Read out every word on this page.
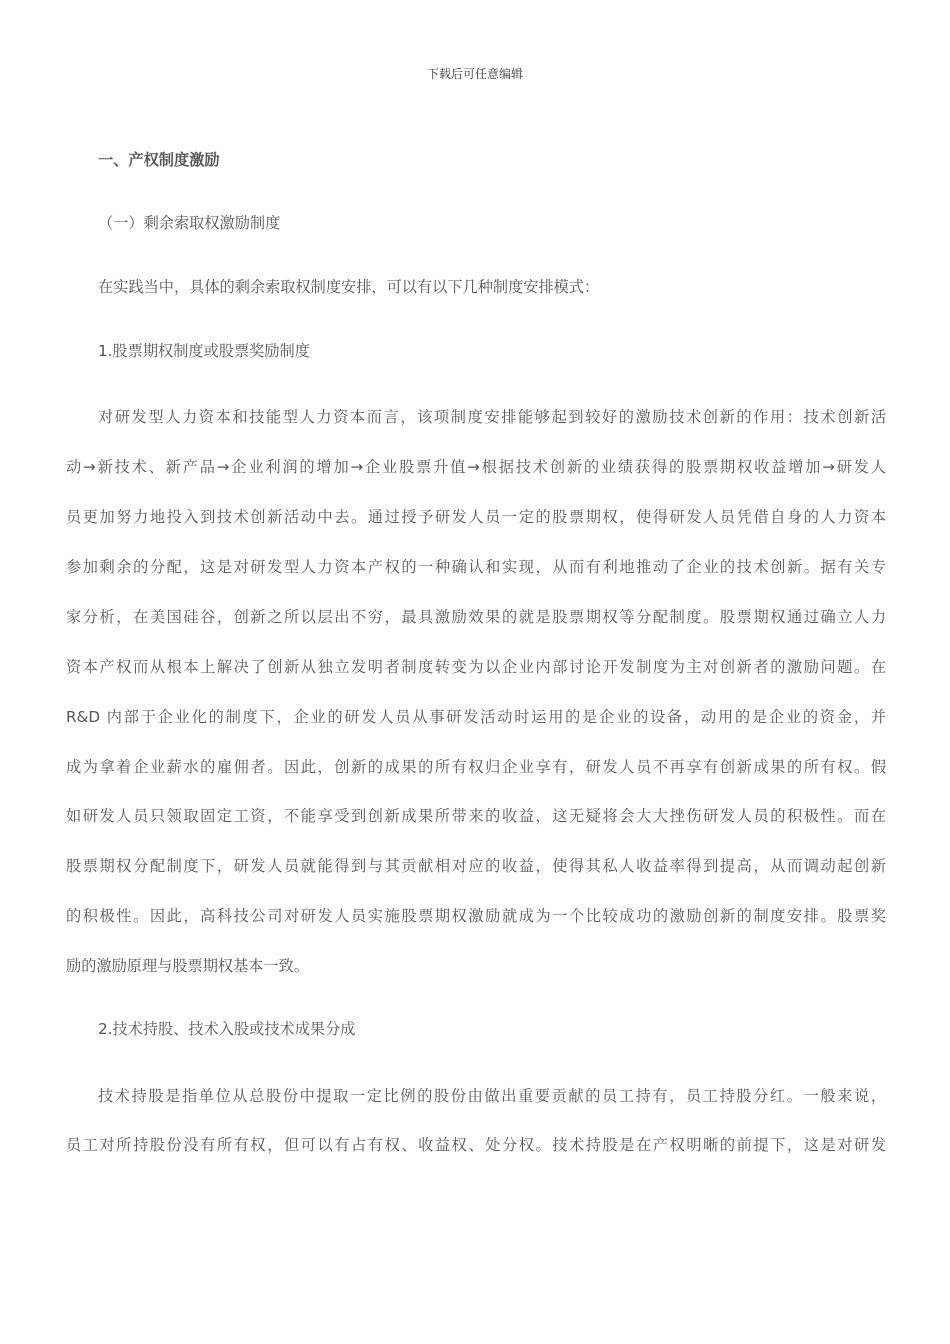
下载后可任意编辑
一、产权制度激励
（一）剩余索取权激励制度
在实践当中，具体的剩余索取权制度安排，可以有以下几种制度安排模式：
1.股票期权制度或股票奖励制度
对研发型人力资本和技能型人力资本而言，该项制度安排能够起到较好的激励技术创新的作用：技术创新活
动→新技术、新产品→企业利润的增加→企业股票升值→根据技术创新的业绩获得的股票期权收益增加→研发人
员更加努力地投入到技术创新活动中去。通过授予研发人员一定的股票期权，使得研发人员凭借自身的人力资本
参加剩余的分配，这是对研发型人力资本产权的一种确认和实现，从而有利地推动了企业的技术创新。据有关专
家分析，在美国硅谷，创新之所以层出不穷，最具激励效果的就是股票期权等分配制度。股票期权通过确立人力
资本产权而从根本上解决了创新从独立发明者制度转变为以企业内部讨论开发制度为主对创新者的激励问题。在
R&D 内部于企业化的制度下，企业的研发人员从事研发活动时运用的是企业的设备，动用的是企业的资金，并
成为拿着企业薪水的雇佣者。因此，创新的成果的所有权归企业享有，研发人员不再享有创新成果的所有权。假
如研发人员只领取固定工资，不能享受到创新成果所带来的收益，这无疑将会大大挫伤研发人员的积极性。而在
股票期权分配制度下，研发人员就能得到与其贡献相对应的收益，使得其私人收益率得到提高，从而调动起创新
的积极性。因此，高科技公司对研发人员实施股票期权激励就成为一个比较成功的激励创新的制度安排。股票奖
励的激励原理与股票期权基本一致。
2.技术持股、技术入股或技术成果分成
技术持股是指单位从总股份中提取一定比例的股份由做出重要贡献的员工持有，员工持股分红。一般来说，
员工对所持股份没有所有权，但可以有占有权、收益权、处分权。技术持股是在产权明晰的前提下，这是对研发
